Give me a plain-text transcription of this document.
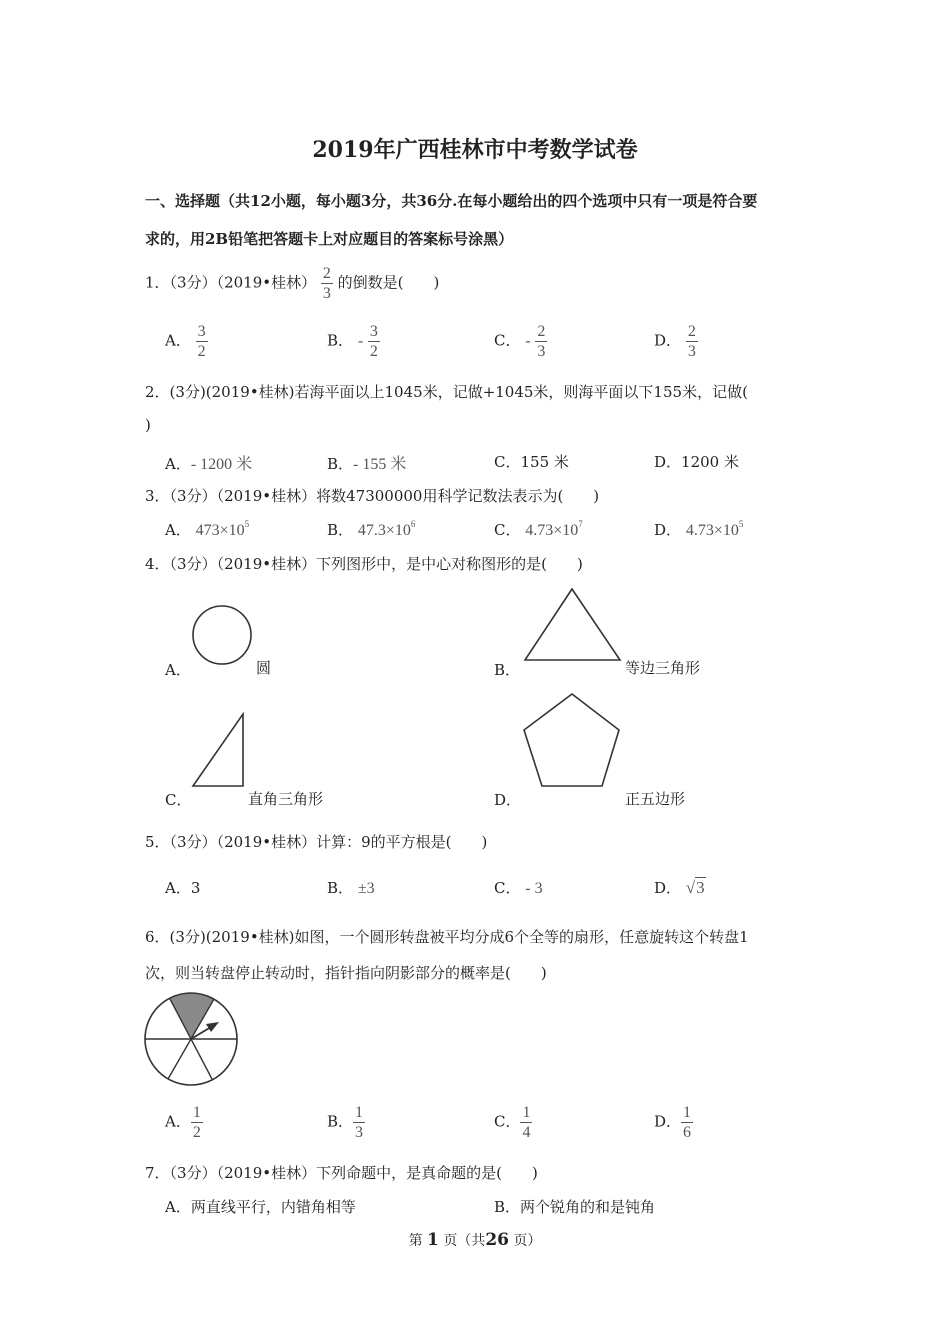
2019年广西桂林市中考数学试卷
一、选择题（共12小题，每小题3分，共36分.在每小题给出的四个选项中只有一项是符合要
求的，用2B铅笔把答题卡上对应题目的答案标号涂黑）
1．（3分）（2019•桂林） $\frac{2}{3}$ 的倒数是(　　)
A． $\frac{3}{2}$	B． - $\frac{3}{2}$	C． - $\frac{2}{3}$	D． $\frac{2}{3}$
2．(3分)(2019•桂林)若海平面以上1045米，记做+1045米，则海平面以下155米，记做(
)
A．- 1200 米	B．- 155 米	C．155 米	D．1200 米
3．（3分）（2019•桂林）将数47300000用科学记数法表示为(　　)
A． $473\times 10^5$	B． $47.3\times 10^6$	C． $4.73\times 10^7$	D． $4.73\times 10^5$
4．（3分）（2019•桂林）下列图形中，是中心对称图形的是(　　)
A．	圆	B．	等边三角形
C．	直角三角形	D．	正五边形
5．（3分）（2019•桂林）计算：9的平方根是(　　)
A．3	B． ±3	C． - 3	D． √3
6．(3分)(2019•桂林)如图，一个圆形转盘被平均分成6个全等的扇形，任意旋转这个转盘1
次，则当转盘停止转动时，指针指向阴影部分的概率是(　　)
A． $\frac{1}{2}$	B． $\frac{1}{3}$	C． $\frac{1}{4}$	D． $\frac{1}{6}$
7．（3分）（2019•桂林）下列命题中，是真命题的是(　　)
A．两直线平行，内错角相等	B．两个锐角的和是钝角
第 1 页（共26 页）
